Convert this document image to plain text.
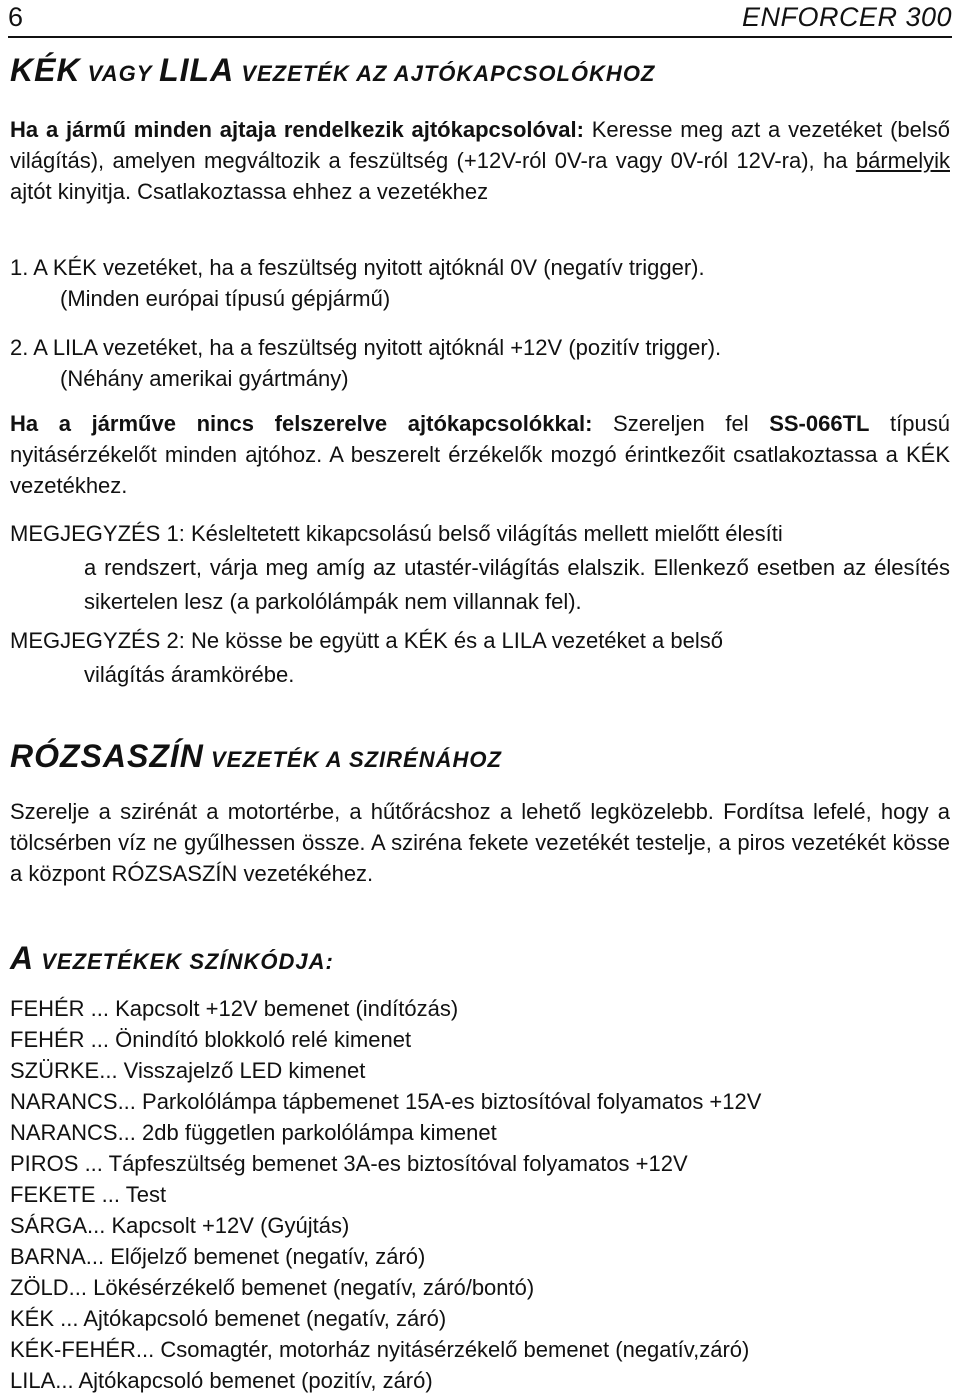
6	ENFORCER 300
KÉK VAGY LILA VEZETÉK AZ AJTÓKAPCSOLÓKHOZ
Ha a jármű minden ajtaja rendelkezik ajtókapcsolóval: Keresse meg azt a vezetéket (belső világítás), amelyen megváltozik a feszültség (+12V-ról 0V-ra vagy 0V-ról 12V-ra), ha bármelyik ajtót kinyitja. Csatlakoztassa ehhez a vezetékhez
1. A KÉK vezetéket, ha a feszültség nyitott ajtóknál 0V (negatív trigger).
(Minden európai típusú gépjármű)
2. A LILA vezetéket, ha a feszültség nyitott ajtóknál +12V (pozitív trigger).
(Néhány amerikai gyártmány)
Ha a járműve nincs felszerelve ajtókapcsolókkal: Szereljen fel SS-066TL típusú nyitásérzékelőt minden ajtóhoz. A beszerelt érzékelők mozgó érintkezőit csatlakoztassa a KÉK vezetékhez.
MEGJEGYZÉS 1: Késleltetett kikapcsolású belső világítás mellett mielőtt élesíti
a rendszert, várja meg amíg az utastér-világítás elalszik. Ellenkező esetben az élesítés sikertelen lesz (a parkolólámpák nem villannak fel).
MEGJEGYZÉS 2: Ne kösse be együtt a KÉK és a LILA vezetéket a belső
világítás áramkörébe.
RÓZSASZÍN VEZETÉK A SZIRÉNÁHOZ
Szerelje a szirénát a motortérbe, a hűtőrácshoz a lehető legközelebb. Fordítsa lefelé, hogy a tölcsérben víz ne gyűlhessen össze. A sziréna fekete vezetékét testelje, a piros vezetékét kösse a központ RÓZSASZÍN vezetékéhez.
A VEZETÉKEK SZÍNKÓDJA:
FEHÉR ... Kapcsolt +12V bemenet (indítózás)
FEHÉR ... Önindító blokkoló relé kimenet
SZÜRKE... Visszajelző LED kimenet
NARANCS... Parkolólámpa tápbemenet 15A-es biztosítóval folyamatos +12V
NARANCS... 2db független parkolólámpa kimenet
PIROS ... Tápfeszültség bemenet 3A-es biztosítóval folyamatos +12V
FEKETE ... Test
SÁRGA... Kapcsolt +12V (Gyújtás)
BARNA... Előjelző bemenet (negatív, záró)
ZÖLD... Lökésérzékelő bemenet (negatív, záró/bontó)
KÉK ... Ajtókapcsoló bemenet (negatív, záró)
KÉK-FEHÉR... Csomagtér, motorház nyitásérzékelő bemenet (negatív,záró)
LILA... Ajtókapcsoló bemenet (pozitív, záró)
